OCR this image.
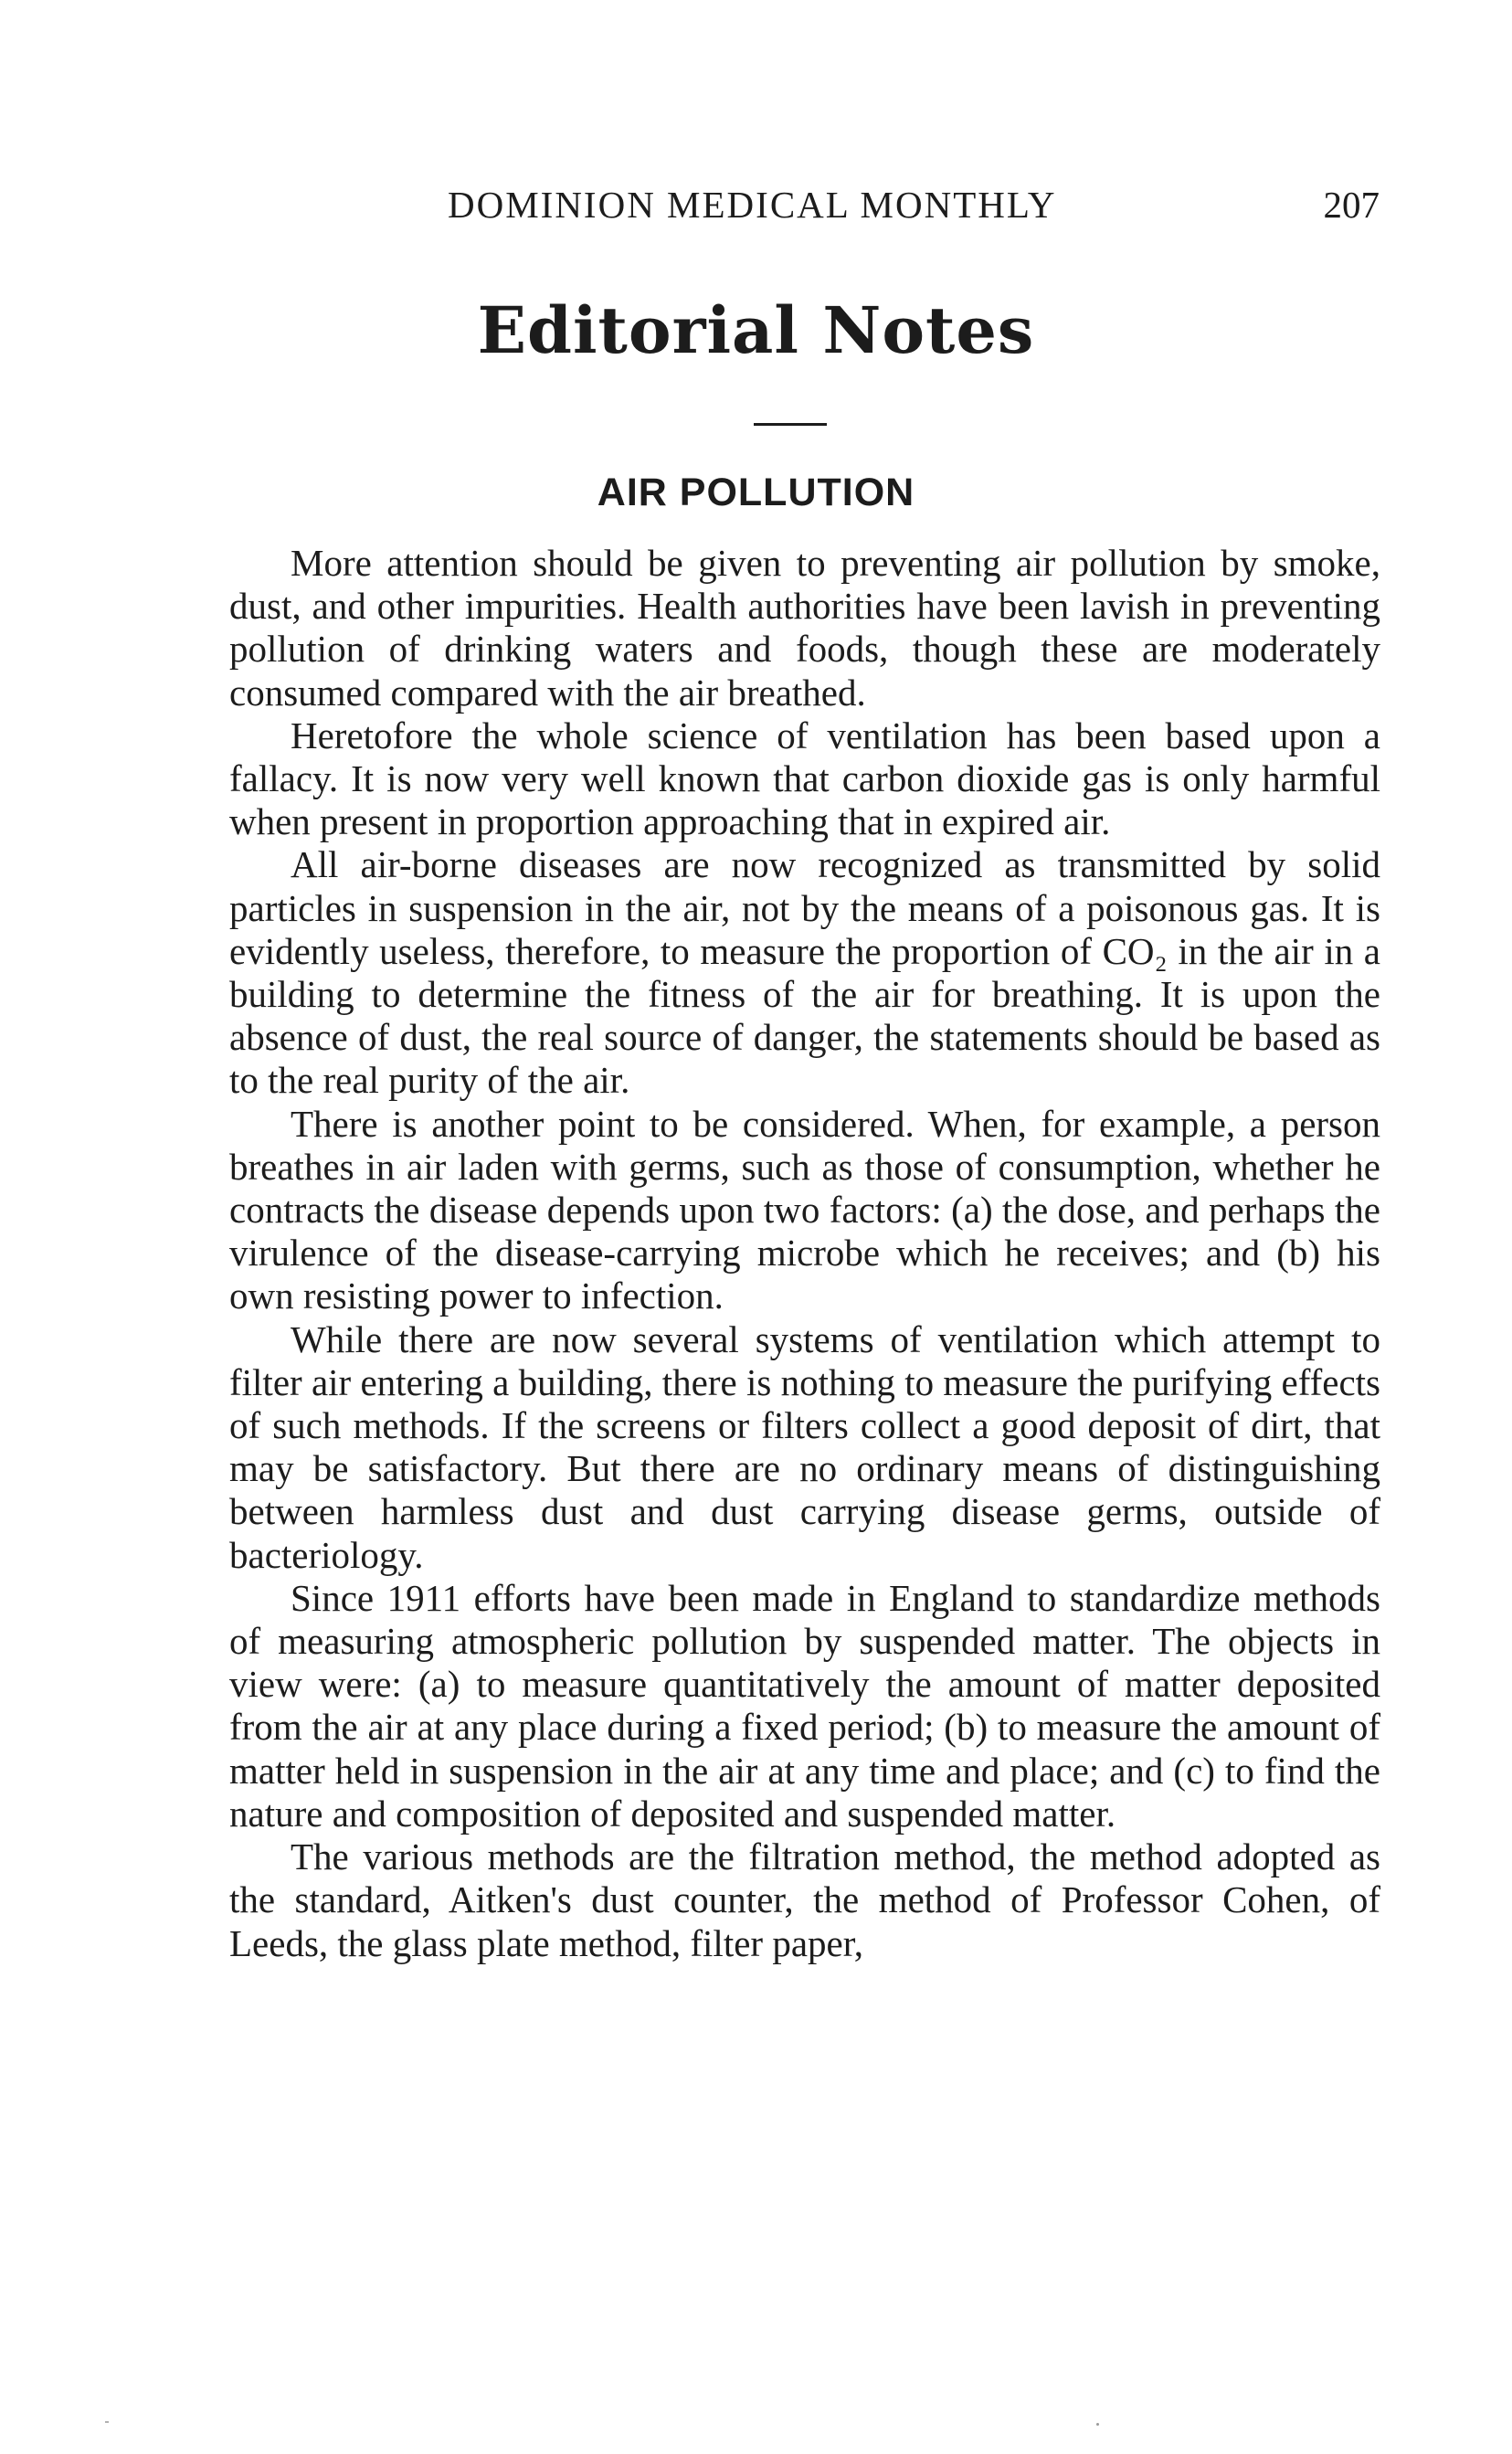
DOMINION MEDICAL MONTHLY	207
Editorial Notes
AIR POLLUTION

More attention should be given to preventing air pollution by smoke, dust, and other impurities. Health authorities have been lavish in preventing pollution of drinking waters and foods, though these are moderately consumed compared with the air breathed.

Heretofore the whole science of ventilation has been based upon a fallacy. It is now very well known that carbon dioxide gas is only harmful when present in proportion approaching that in expired air.

All air-borne diseases are now recognized as transmitted by solid particles in suspension in the air, not by the means of a poisonous gas. It is evidently useless, therefore, to measure the proportion of CO₂ in the air in a building to determine the fitness of the air for breathing. It is upon the absence of dust, the real source of danger, the statements should be based as to the real purity of the air.

There is another point to be considered. When, for example, a person breathes in air laden with germs, such as those of consumption, whether he contracts the disease depends upon two factors: (a) the dose, and perhaps the virulence of the disease-carrying microbe which he receives; and (b) his own resisting power to infection.

While there are now several systems of ventilation which attempt to filter air entering a building, there is nothing to measure the purifying effects of such methods. If the screens or filters collect a good deposit of dirt, that may be satisfactory. But there are no ordinary means of distinguishing between harmless dust and dust carrying disease germs, outside of bacteriology.

Since 1911 efforts have been made in England to standardize methods of measuring atmospheric pollution by suspended matter. The objects in view were: (a) to measure quantitatively the amount of matter deposited from the air at any place during a fixed period; (b) to measure the amount of matter held in suspension in the air at any time and place; and (c) to find the nature and composition of deposited and suspended matter.

The various methods are the filtration method, the method adopted as the standard, Aitken's dust counter, the method of Professor Cohen, of Leeds, the glass plate method, filter paper,
